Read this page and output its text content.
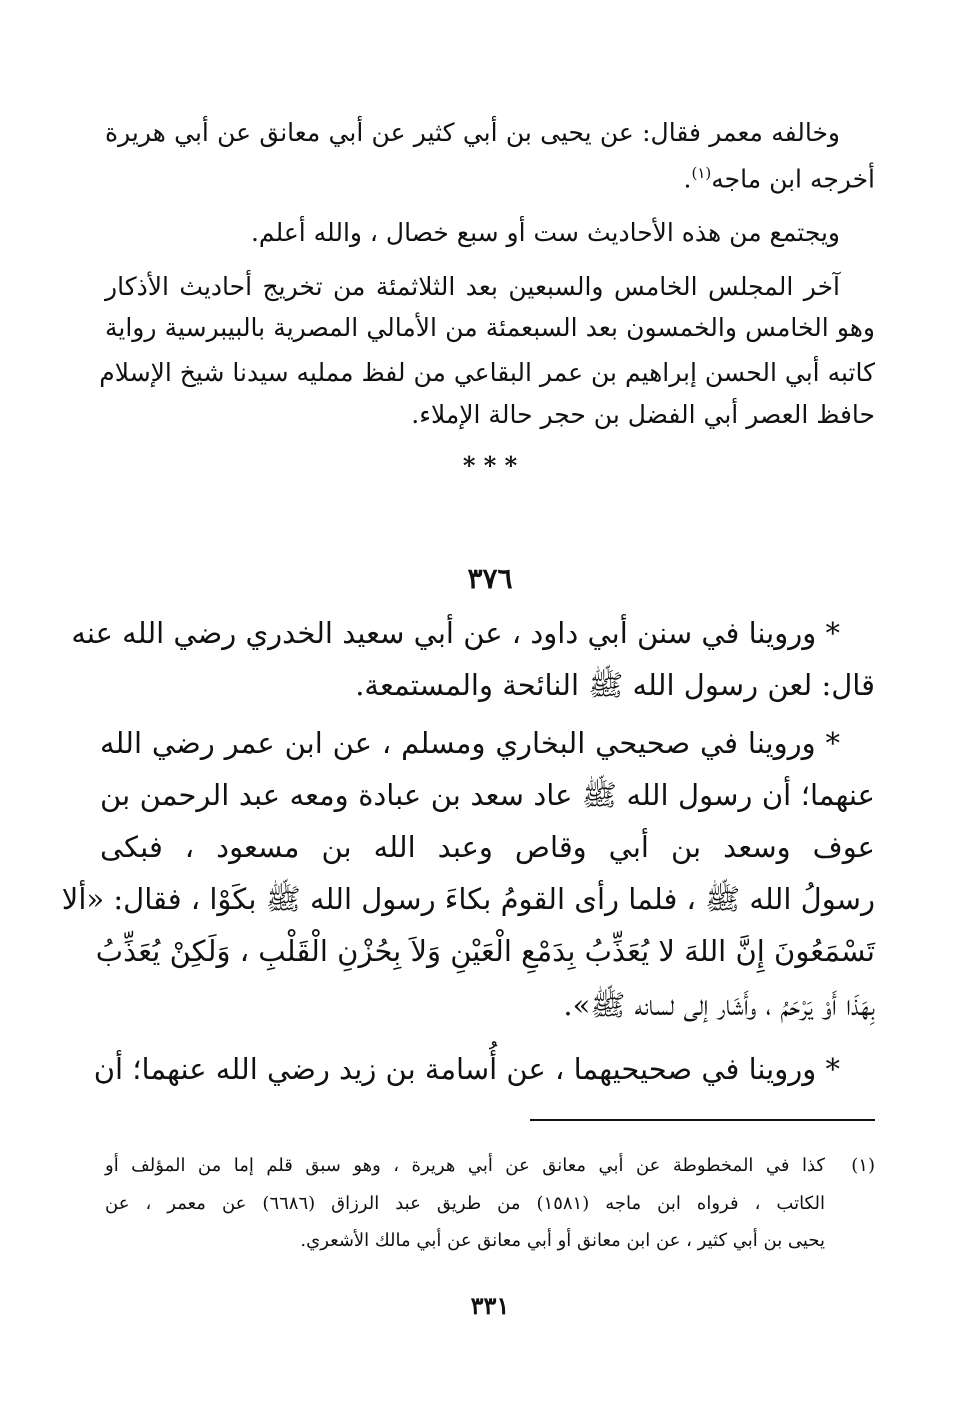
وخالفه معمر فقال: عن يحيى بن أبي كثير عن أبي معانق عن أبي هريرة
أخرجه ابن ماجه$^{(١)}$.
ويجتمع من هذه الأحاديث ست أو سبع خصال ، والله أعلم.
آخر المجلس الخامس والسبعين بعد الثلاثمئة من تخريج أحاديث الأذكار
وهو الخامس والخمسون بعد السبعمئة من الأمالي المصرية بالبيبرسية رواية
كاتبه أبي الحسن إبراهيم بن عمر البقاعي من لفظ ممليه سيدنا شيخ الإسلام
حافظ العصر أبي الفضل بن حجر حالة الإملاء.
* * *
٣٧٦
* وروينا في سنن أبي داود ، عن أبي سعيد الخدري رضي الله عنه
قال: لعن رسول الله ﷺ النائحة والمستمعة.
* وروينا في صحيحي البخاري ومسلم ، عن ابن عمر رضي الله
عنهما؛ أن رسول الله ﷺ عاد سعد بن عبادة ومعه عبد الرحمن بن
عوف وسعد بن أبي وقاص وعبد الله بن مسعود ، فبكى
رسولُ الله ﷺ ، فلما رأى القومُ بكاءَ رسول الله ﷺ بكَوْا ، فقال: «ألا
تَسْمَعُونَ إِنَّ اللهَ لا يُعَذِّبُ بِدَمْعِ الْعَيْنِ وَلاَ بِحُزْنِ الْقَلْبِ ، وَلَكِنْ يُعَذِّبُ
بِهَذَا أَوْ يَرْحَمُ ، وأَشَار إلى لسانه ﷺ».
* وروينا في صحيحيهما ، عن أُسامة بن زيد رضي الله عنهما؛ أن
(١)
كذا في المخطوطة عن أبي معانق عن أبي هريرة ، وهو سبق قلم إما من المؤلف أو
الكاتب ، فرواه ابن ماجه (١٥٨١) من طريق عبد الرزاق (٦٦٨٦) عن معمر ، عن
يحيى بن أبي كثير ، عن ابن معانق أو أبي معانق عن أبي مالك الأشعري.
٣٣١
